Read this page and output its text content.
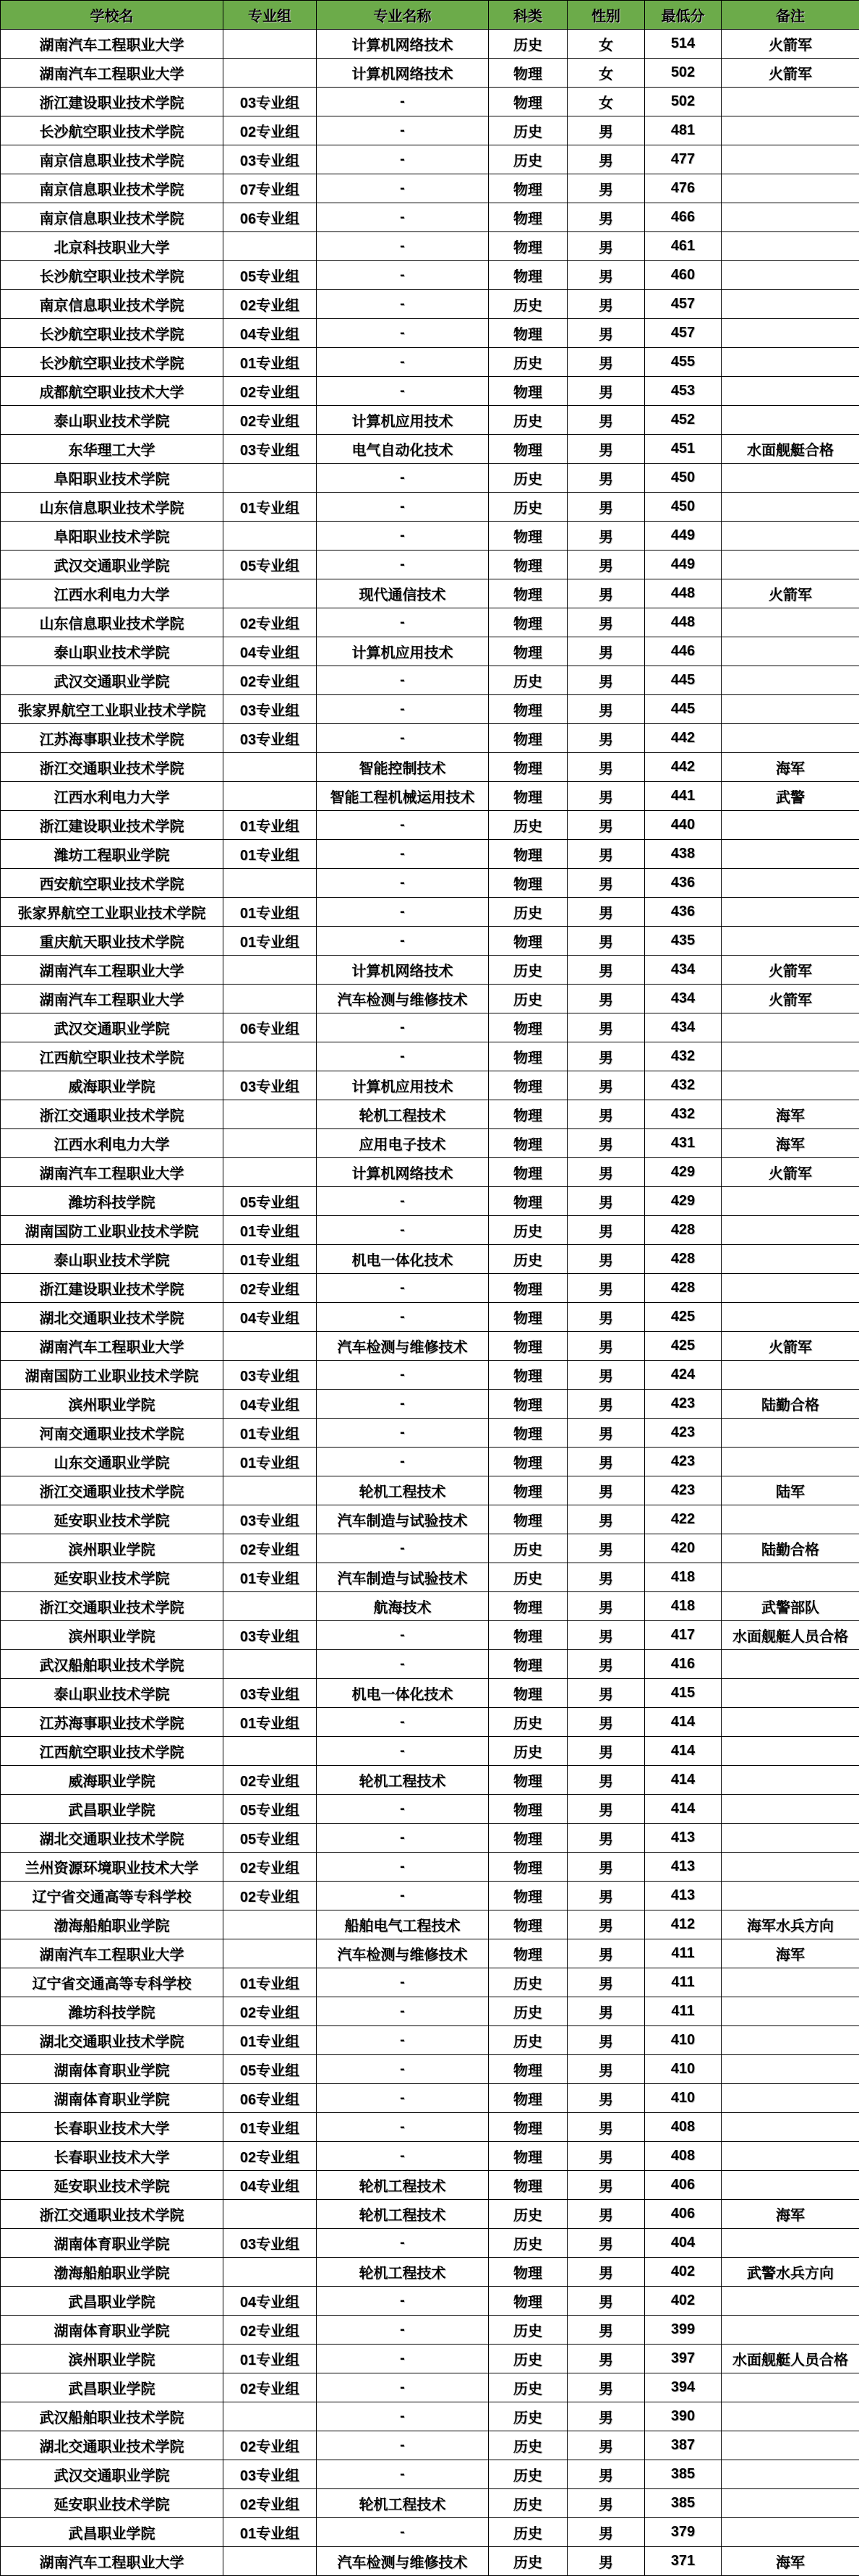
学校名	专业组	专业名称	科类	性别	最低分	备注
湖南汽车工程职业大学		计算机网络技术	历史	女	514	火箭军
湖南汽车工程职业大学		计算机网络技术	物理	女	502	火箭军
浙江建设职业技术学院	03专业组	-	物理	女	502	
长沙航空职业技术学院	02专业组	-	历史	男	481	
南京信息职业技术学院	03专业组	-	历史	男	477	
南京信息职业技术学院	07专业组	-	物理	男	476	
南京信息职业技术学院	06专业组	-	物理	男	466	
北京科技职业大学		-	物理	男	461	
长沙航空职业技术学院	05专业组	-	物理	男	460	
南京信息职业技术学院	02专业组	-	历史	男	457	
长沙航空职业技术学院	04专业组	-	物理	男	457	
长沙航空职业技术学院	01专业组	-	历史	男	455	
成都航空职业技术大学	02专业组	-	物理	男	453	
泰山职业技术学院	02专业组	计算机应用技术	历史	男	452	
东华理工大学	03专业组	电气自动化技术	物理	男	451	水面舰艇合格
阜阳职业技术学院		-	历史	男	450	
山东信息职业技术学院	01专业组	-	历史	男	450	
阜阳职业技术学院		-	物理	男	449	
武汉交通职业学院	05专业组	-	物理	男	449	
江西水利电力大学		现代通信技术	物理	男	448	火箭军
山东信息职业技术学院	02专业组	-	物理	男	448	
泰山职业技术学院	04专业组	计算机应用技术	物理	男	446	
武汉交通职业学院	02专业组	-	历史	男	445	
张家界航空工业职业技术学院	03专业组	-	物理	男	445	
江苏海事职业技术学院	03专业组	-	物理	男	442	
浙江交通职业技术学院		智能控制技术	物理	男	442	海军
江西水利电力大学		智能工程机械运用技术	物理	男	441	武警
浙江建设职业技术学院	01专业组	-	历史	男	440	
潍坊工程职业学院	01专业组	-	物理	男	438	
西安航空职业技术学院		-	物理	男	436	
张家界航空工业职业技术学院	01专业组	-	历史	男	436	
重庆航天职业技术学院	01专业组	-	物理	男	435	
湖南汽车工程职业大学		计算机网络技术	历史	男	434	火箭军
湖南汽车工程职业大学		汽车检测与维修技术	历史	男	434	火箭军
武汉交通职业学院	06专业组	-	物理	男	434	
江西航空职业技术学院		-	物理	男	432	
威海职业学院	03专业组	计算机应用技术	物理	男	432	
浙江交通职业技术学院		轮机工程技术	物理	男	432	海军
江西水利电力大学		应用电子技术	物理	男	431	海军
湖南汽车工程职业大学		计算机网络技术	物理	男	429	火箭军
潍坊科技学院	05专业组	-	物理	男	429	
湖南国防工业职业技术学院	01专业组	-	历史	男	428	
泰山职业技术学院	01专业组	机电一体化技术	历史	男	428	
浙江建设职业技术学院	02专业组	-	物理	男	428	
湖北交通职业技术学院	04专业组	-	物理	男	425	
湖南汽车工程职业大学		汽车检测与维修技术	物理	男	425	火箭军
湖南国防工业职业技术学院	03专业组	-	物理	男	424	
滨州职业学院	04专业组	-	物理	男	423	陆勤合格
河南交通职业技术学院	01专业组	-	物理	男	423	
山东交通职业学院	01专业组	-	物理	男	423	
浙江交通职业技术学院		轮机工程技术	物理	男	423	陆军
延安职业技术学院	03专业组	汽车制造与试验技术	物理	男	422	
滨州职业学院	02专业组	-	历史	男	420	陆勤合格
延安职业技术学院	01专业组	汽车制造与试验技术	历史	男	418	
浙江交通职业技术学院		航海技术	物理	男	418	武警部队
滨州职业学院	03专业组	-	物理	男	417	水面舰艇人员合格
武汉船舶职业技术学院		-	物理	男	416	
泰山职业技术学院	03专业组	机电一体化技术	物理	男	415	
江苏海事职业技术学院	01专业组	-	历史	男	414	
江西航空职业技术学院		-	历史	男	414	
威海职业学院	02专业组	轮机工程技术	物理	男	414	
武昌职业学院	05专业组	-	物理	男	414	
湖北交通职业技术学院	05专业组	-	物理	男	413	
兰州资源环境职业技术大学	02专业组	-	物理	男	413	
辽宁省交通高等专科学校	02专业组	-	物理	男	413	
渤海船舶职业学院		船舶电气工程技术	物理	男	412	海军水兵方向
湖南汽车工程职业大学		汽车检测与维修技术	物理	男	411	海军
辽宁省交通高等专科学校	01专业组	-	历史	男	411	
潍坊科技学院	02专业组	-	历史	男	411	
湖北交通职业技术学院	01专业组	-	历史	男	410	
湖南体育职业学院	05专业组	-	物理	男	410	
湖南体育职业学院	06专业组	-	物理	男	410	
长春职业技术大学	01专业组	-	物理	男	408	
长春职业技术大学	02专业组	-	物理	男	408	
延安职业技术学院	04专业组	轮机工程技术	物理	男	406	
浙江交通职业技术学院		轮机工程技术	历史	男	406	海军
湖南体育职业学院	03专业组	-	历史	男	404	
渤海船舶职业学院		轮机工程技术	物理	男	402	武警水兵方向
武昌职业学院	04专业组	-	物理	男	402	
湖南体育职业学院	02专业组	-	历史	男	399	
滨州职业学院	01专业组	-	历史	男	397	水面舰艇人员合格
武昌职业学院	02专业组	-	历史	男	394	
武汉船舶职业技术学院		-	历史	男	390	
湖北交通职业技术学院	02专业组	-	历史	男	387	
武汉交通职业学院	03专业组	-	历史	男	385	
延安职业技术学院	02专业组	轮机工程技术	历史	男	385	
武昌职业学院	01专业组	-	历史	男	379	
湖南汽车工程职业大学		汽车检测与维修技术	历史	男	371	海军
